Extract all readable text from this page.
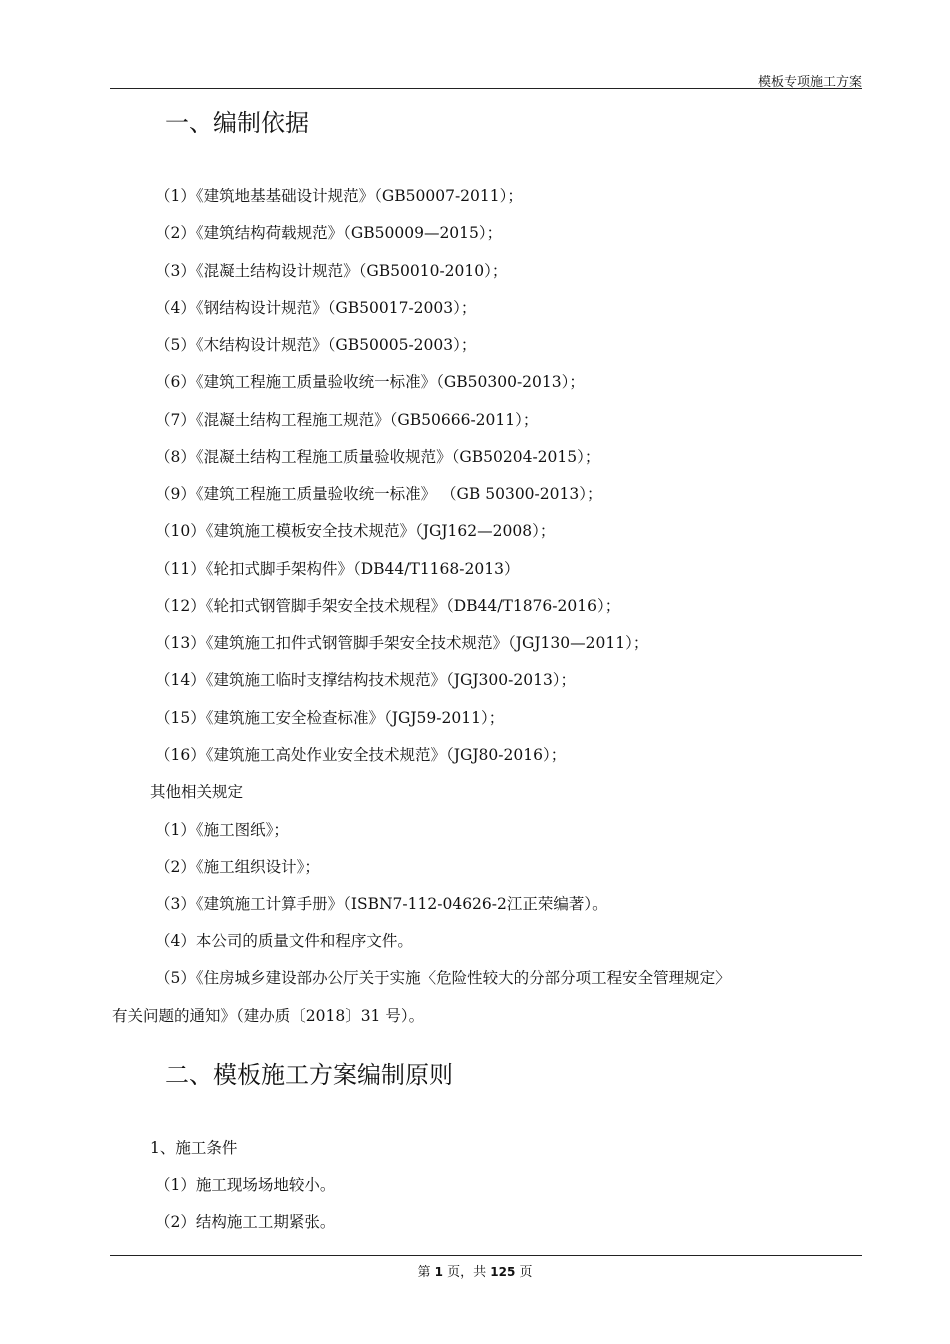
模板专项施工方案
一、编制依据
（1）《建筑地基基础设计规范》（GB50007-2011）；
（2）《建筑结构荷载规范》（GB50009—2015）；
（3）《混凝土结构设计规范》（GB50010-2010）；
（4）《钢结构设计规范》（GB50017-2003）；
（5）《木结构设计规范》（GB50005-2003）；
（6）《建筑工程施工质量验收统一标准》（GB50300-2013）；
（7）《混凝土结构工程施工规范》（GB50666-2011）；
（8）《混凝土结构工程施工质量验收规范》（GB50204-2015）；
（9）《建筑工程施工质量验收统一标准》 （GB 50300-2013）；
（10）《建筑施工模板安全技术规范》（JGJ162—2008）；
（11）《轮扣式脚手架构件》（DB44/T1168-2013）
（12）《轮扣式钢管脚手架安全技术规程》（DB44/T1876-2016）；
（13）《建筑施工扣件式钢管脚手架安全技术规范》（JGJ130—2011）；
（14）《建筑施工临时支撑结构技术规范》（JGJ300-2013）；
（15）《建筑施工安全检查标准》（JGJ59-2011）；
（16）《建筑施工高处作业安全技术规范》（JGJ80-2016）；
其他相关规定
（1）《施工图纸》；
（2）《施工组织设计》；
（3）《建筑施工计算手册》（ISBN7-112-04626-2江正荣编著）。
（4）本公司的质量文件和程序文件。
（5）《住房城乡建设部办公厅关于实施〈危险性较大的分部分项工程安全管理规定〉
有关问题的通知》（建办质〔2018〕31 号）。
二、模板施工方案编制原则
1、施工条件
（1）施工现场场地较小。
（2）结构施工工期紧张。
第 1 页，共 125 页
